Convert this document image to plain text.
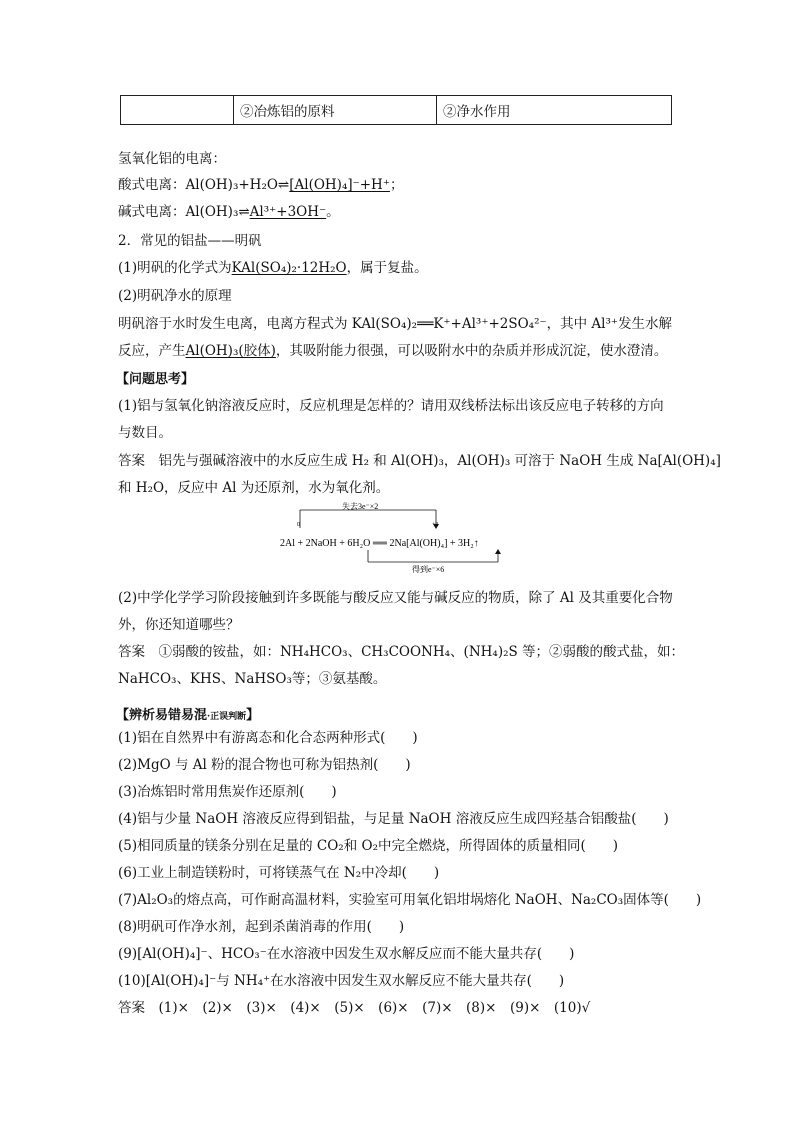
	②冶炼铝的原料	②净水作用
氢氧化铝的电离：
酸式电离：Al(OH)₃+H₂O⇌[Al(OH)₄]⁻+H⁺；
碱式电离：Al(OH)₃⇌Al³⁺+3OH⁻。
2．常见的铝盐——明矾
(1)明矾的化学式为KAl(SO₄)₂·12H₂O，属于复盐。
(2)明矾净水的原理
明矾溶于水时发生电离，电离方程式为 KAl(SO₄)₂══K⁺+Al³⁺+2SO₄²⁻，其中 Al³⁺发生水解
反应，产生Al(OH)₃(胶体)，其吸附能力很强，可以吸附水中的杂质并形成沉淀，使水澄清。
【问题思考】
(1)铝与氢氧化钠溶液反应时，反应机理是怎样的？请用双线桥法标出该反应电子转移的方向
与数目。
答案　铝先与强碱溶液中的水反应生成 H₂ 和 Al(OH)₃，Al(OH)₃ 可溶于 NaOH 生成 Na[Al(OH)₄]
和 H₂O，反应中 Al 为还原剂，水为氧化剂。
失去3e⁻×2
0	+3
2Al + 2NaOH + 6H₂O ══ 2Na[Al(OH)₄] + 3H₂↑
得到e⁻×6
(2)中学化学学习阶段接触到许多既能与酸反应又能与碱反应的物质，除了 Al 及其重要化合物
外，你还知道哪些？
答案　①弱酸的铵盐，如：NH₄HCO₃、CH₃COONH₄、(NH₄)₂S 等；②弱酸的酸式盐，如：
NaHCO₃、KHS、NaHSO₃等；③氨基酸。
【辨析易错易混·正误判断】
(1)铝在自然界中有游离态和化合态两种形式(　　)
(2)MgO 与 Al 粉的混合物也可称为铝热剂(　　)
(3)冶炼铝时常用焦炭作还原剂(　　)
(4)铝与少量 NaOH 溶液反应得到铝盐，与足量 NaOH 溶液反应生成四羟基合铝酸盐(　　)
(5)相同质量的镁条分别在足量的 CO₂和 O₂中完全燃烧，所得固体的质量相同(　　)
(6)工业上制造镁粉时，可将镁蒸气在 N₂中冷却(　　)
(7)Al₂O₃的熔点高，可作耐高温材料，实验室可用氧化铝坩埚熔化 NaOH、Na₂CO₃固体等(　　)
(8)明矾可作净水剂，起到杀菌消毒的作用(　　)
(9)[Al(OH)₄]⁻、HCO₃⁻在水溶液中因发生双水解反应而不能大量共存(　　)
(10)[Al(OH)₄]⁻与 NH₄⁺在水溶液中因发生双水解反应不能大量共存(　　)
答案　(1)×　(2)×　(3)×　(4)×　(5)×　(6)×　(7)×　(8)×　(9)×　(10)√
